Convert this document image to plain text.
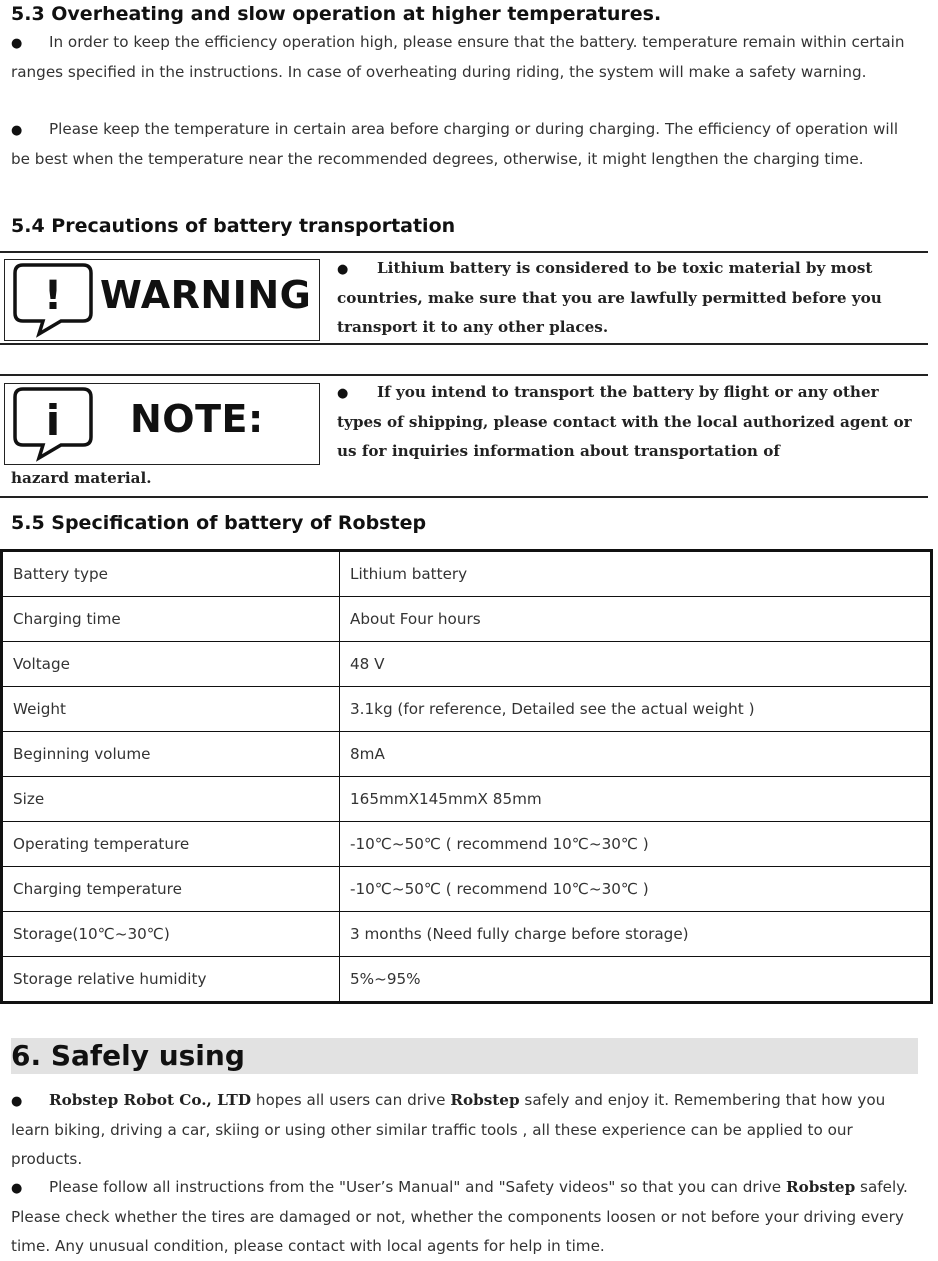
5.3 Overheating and slow operation at higher temperatures.

● In order to keep the efficiency operation high, please ensure that the battery. temperature remain within certain ranges specified in the instructions. In case of overheating during riding, the system will make a safety warning.

● Please keep the temperature in certain area before charging or during charging. The efficiency of operation will be best when the temperature near the recommended degrees, otherwise, it might lengthen the charging time.

5.4 Precautions of battery transportation
! WARNING

● Lithium battery is considered to be toxic material by most countries, make sure that you are lawfully permitted before you transport it to any other places.

i NOTE:

● If you intend to transport the battery by flight or any other types of shipping, please contact with the local authorized agent or us for inquiries information about transportation of

hazard material.
5.5 Specification of battery of Robstep
Battery type	Lithium battery
Charging time	About Four hours
Voltage	48 V
Weight	3.1kg (for reference, Detailed see the actual weight )
Beginning volume	8mA
Size	165mmX145mmX 85mm
Operating temperature	-10℃~50℃ ( recommend 10℃~30℃ )
Charging temperature	-10℃~50℃ ( recommend 10℃~30℃ )
Storage(10℃~30℃)	3 months (Need fully charge before storage)
Storage relative humidity	5%~95%
6. Safely using

● Robstep Robot Co., LTD hopes all users can drive Robstep safely and enjoy it. Remembering that how you learn biking, driving a car, skiing or using other similar traffic tools , all these experience can be applied to our products.

● Please follow all instructions from the "User’s Manual" and "Safety videos" so that you can drive Robstep safely. Please check whether the tires are damaged or not, whether the components loosen or not before your driving every time. Any unusual condition, please contact with local agents for help in time.
